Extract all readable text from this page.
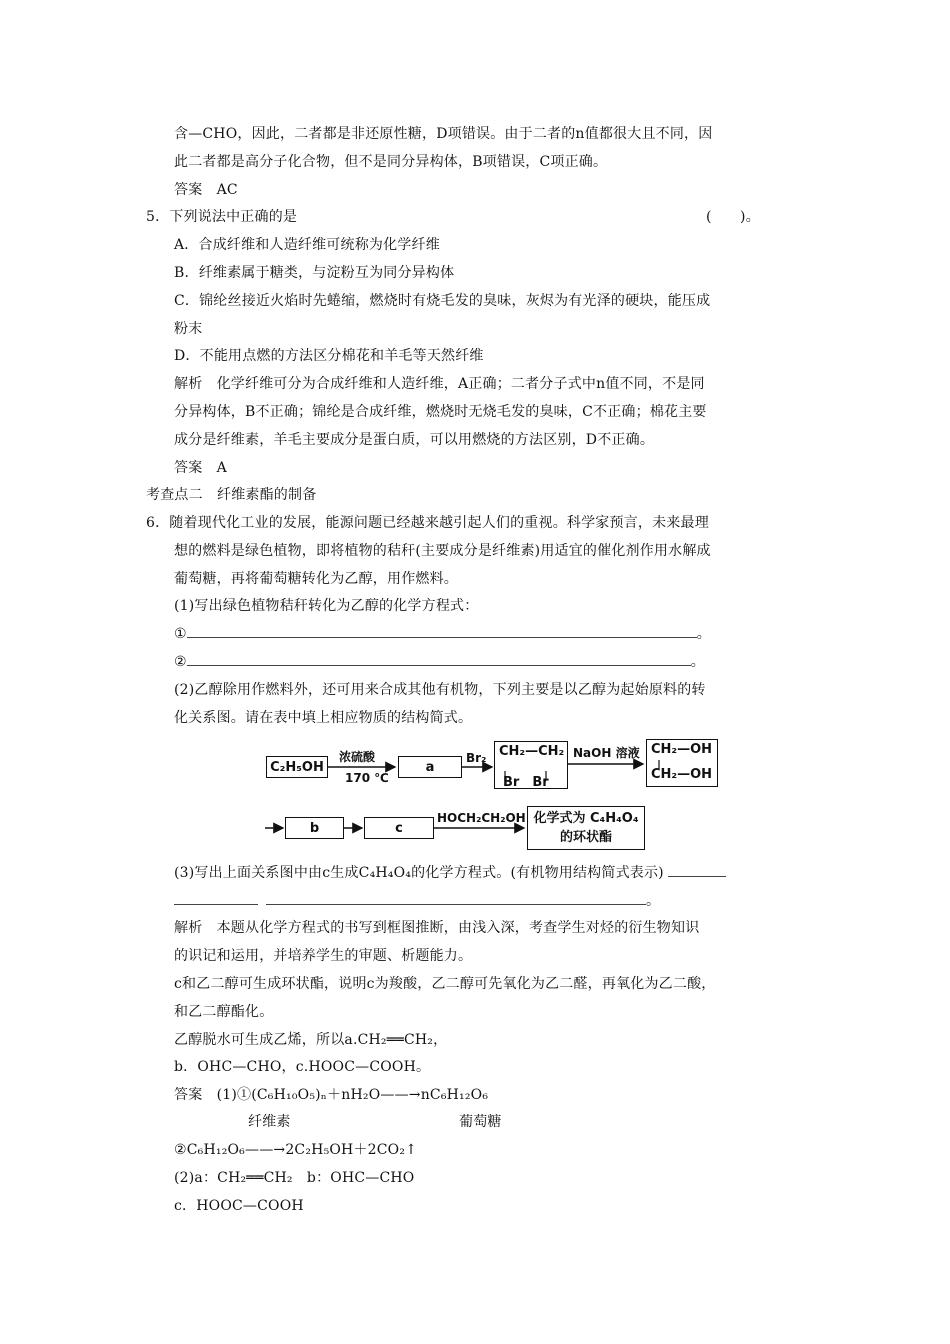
含—CHO，因此，二者都是非还原性糖，D项错误。由于二者的n值都很大且不同，因
此二者都是高分子化合物，但不是同分异构体，B项错误，C项正确。
答案　AC
5．下列说法中正确的是	(　　)。
A．合成纤维和人造纤维可统称为化学纤维
B．纤维素属于糖类，与淀粉互为同分异构体
C．锦纶丝接近火焰时先蜷缩，燃烧时有烧毛发的臭味，灰烬为有光泽的硬块，能压成
粉末
D．不能用点燃的方法区分棉花和羊毛等天然纤维
解析　化学纤维可分为合成纤维和人造纤维，A正确；二者分子式中n值不同，不是同
分异构体，B不正确；锦纶是合成纤维，燃烧时无烧毛发的臭味，C不正确；棉花主要
成分是纤维素，羊毛主要成分是蛋白质，可以用燃烧的方法区别，D不正确。
答案　A
考查点二　纤维素酯的制备
6．随着现代化工业的发展，能源问题已经越来越引起人们的重视。科学家预言，未来最理
想的燃料是绿色植物，即将植物的秸秆(主要成分是纤维素)用适宜的催化剂作用水解成
葡萄糖，再将葡萄糖转化为乙醇，用作燃料。
(1)写出绿色植物秸秆转化为乙醇的化学方程式：
①	。
②	。
(2)乙醇除用作燃料外，还可用来合成其他有机物，下列主要是以乙醇为起始原料的转
化关系图。请在表中填上相应物质的结构简式。
C₂H₅OH
浓硫酸
170 ℃
a
Br₂ CH₂—CH₂
Br　Br
NaOH 溶液 CH₂—OH
CH₂—OH
b	c
HOCH₂CH₂OH 化学式为 C₄H₄O₄
的环状酯
(3)写出上面关系图中由c生成C₄H₄O₄的化学方程式。(有机物用结构简式表示)
。
解析　本题从化学方程式的书写到框图推断，由浅入深，考查学生对烃的衍生物知识
的识记和运用，并培养学生的审题、析题能力。
c和乙二醇可生成环状酯，说明c为羧酸，乙二醇可先氧化为乙二醛，再氧化为乙二酸，
和乙二醇酯化。
乙醇脱水可生成乙烯，所以a.CH₂══CH₂，
b．OHC—CHO，c.HOOC—COOH。
答案　(1)①(C₆H₁₀O₅)ₙ＋nH₂O——→nC₆H₁₂O₆
纤维素	葡萄糖
②C₆H₁₂O₆——→2C₂H₅OH＋2CO₂↑
(2)a：CH₂══CH₂　b：OHC—CHO
c．HOOC—COOH
